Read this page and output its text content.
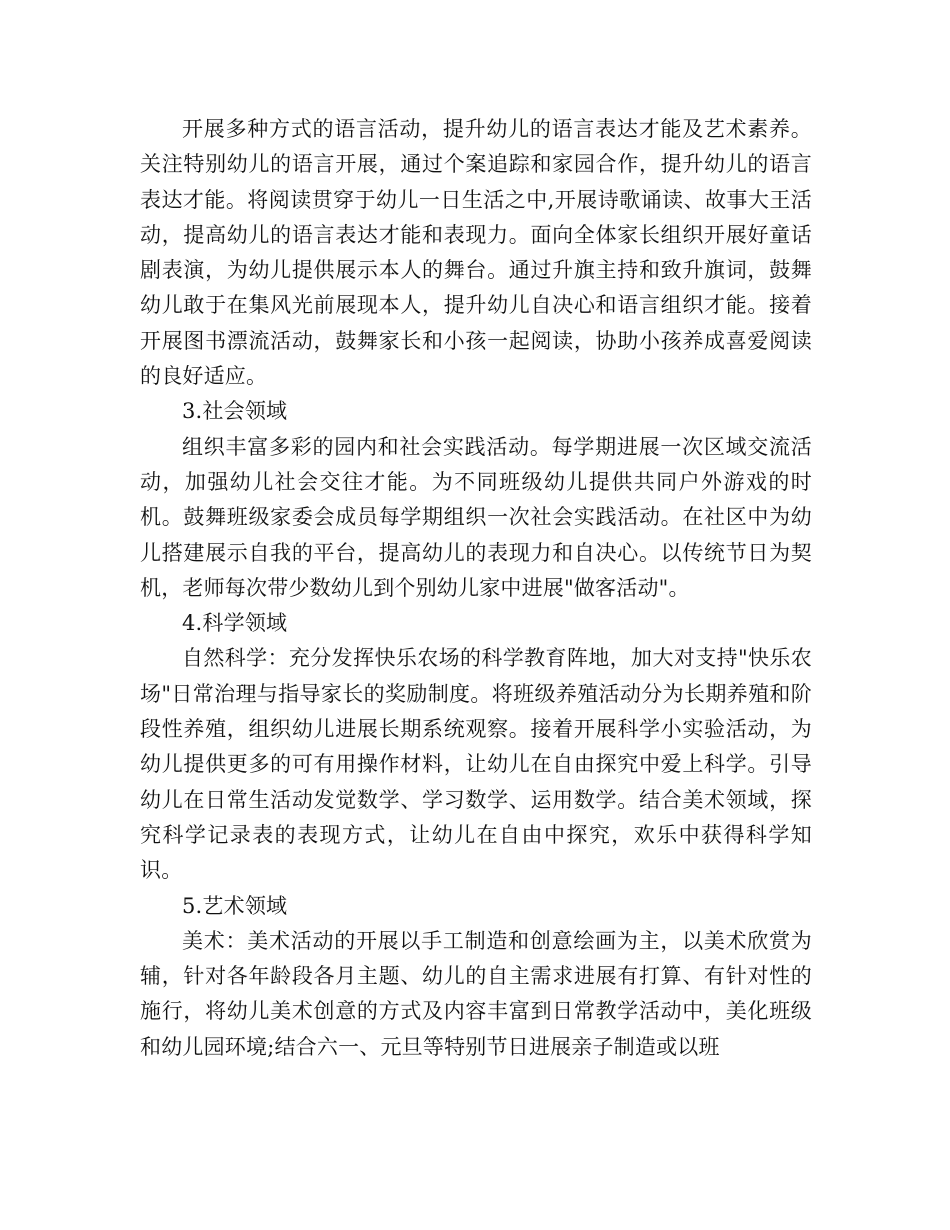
开展多种方式的语言活动，提升幼儿的语言表达才能及艺术素养。关注特别幼儿的语言开展，通过个案追踪和家园合作，提升幼儿的语言表达才能。将阅读贯穿于幼儿一日生活之中,开展诗歌诵读、故事大王活动，提高幼儿的语言表达才能和表现力。面向全体家长组织开展好童话剧表演，为幼儿提供展示本人的舞台。通过升旗主持和致升旗词，鼓舞幼儿敢于在集风光前展现本人，提升幼儿自决心和语言组织才能。接着开展图书漂流活动，鼓舞家长和小孩一起阅读，协助小孩养成喜爱阅读的良好适应。

3.社会领域

组织丰富多彩的园内和社会实践活动。每学期进展一次区域交流活动，加强幼儿社会交往才能。为不同班级幼儿提供共同户外游戏的时机。鼓舞班级家委会成员每学期组织一次社会实践活动。在社区中为幼儿搭建展示自我的平台，提高幼儿的表现力和自决心。以传统节日为契机，老师每次带少数幼儿到个别幼儿家中进展"做客活动"。

4.科学领域

自然科学：充分发挥快乐农场的科学教育阵地，加大对支持"快乐农场"日常治理与指导家长的奖励制度。将班级养殖活动分为长期养殖和阶段性养殖，组织幼儿进展长期系统观察。接着开展科学小实验活动，为幼儿提供更多的可有用操作材料，让幼儿在自由探究中爱上科学。引导幼儿在日常生活动发觉数学、学习数学、运用数学。结合美术领域，探究科学记录表的表现方式，让幼儿在自由中探究，欢乐中获得科学知识。

5.艺术领域

美术：美术活动的开展以手工制造和创意绘画为主，以美术欣赏为辅，针对各年龄段各月主题、幼儿的自主需求进展有打算、有针对性的施行，将幼儿美术创意的方式及内容丰富到日常教学活动中，美化班级和幼儿园环境;结合六一、元旦等特别节日进展亲子制造或以班
